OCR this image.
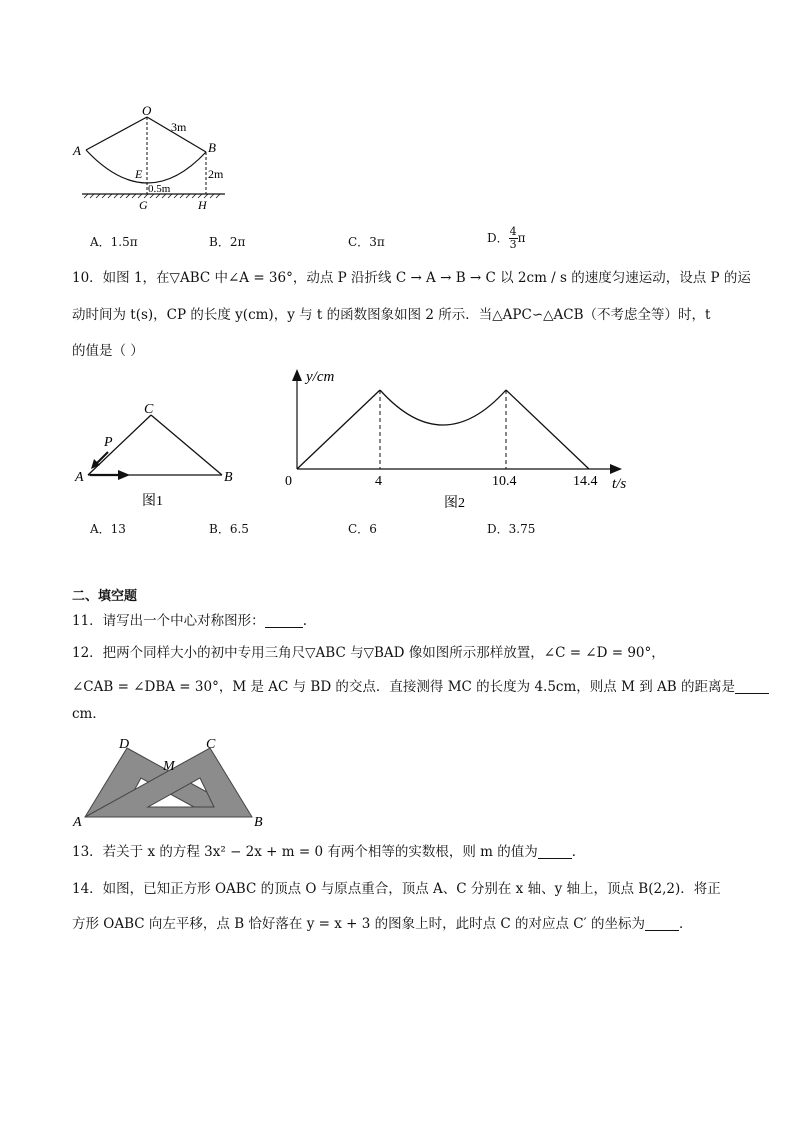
O
A	B
E
G	H
3m
2m
0.5m
A．1.5π	B．2π	C．3π	D． $\frac{4}{3}$ π
10．如图 1，在▽ABC 中∠A = 36°，动点 P 沿折线 C → A → B → C 以 2cm / s 的速度匀速运动，设点 P 的运
动时间为 t(s)，CP 的长度 y(cm)，y 与 t 的函数图象如图 2 所示．当△APC∽△ACB（不考虑全等）时，t
的值是（ ）
C
A	B
P
图1
y/cm
t/s
0	4	10.4	14.4
图2
A．13	B．6.5	C．6	D．3.75
二、填空题
11．请写出一个中心对称图形：	.
12．把两个同样大小的初中专用三角尺▽ABC 与▽BAD 像如图所示那样放置，∠C = ∠D = 90°，
∠CAB = ∠DBA = 30°，M 是 AC 与 BD 的交点．直接测得 MC 的长度为 4.5cm，则点 M 到 AB 的距离是
cm．
D	C
M
A	B
13．若关于 x 的方程 3x² − 2x + m = 0 有两个相等的实数根，则 m 的值为	．
14．如图，已知正方形 OABC 的顶点 O 与原点重合，顶点 A、C 分别在 x 轴、y 轴上，顶点 B(2,2)．将正
方形 OABC 向左平移，点 B 恰好落在 y = x + 3 的图象上时，此时点 C 的对应点 C′ 的坐标为	．
